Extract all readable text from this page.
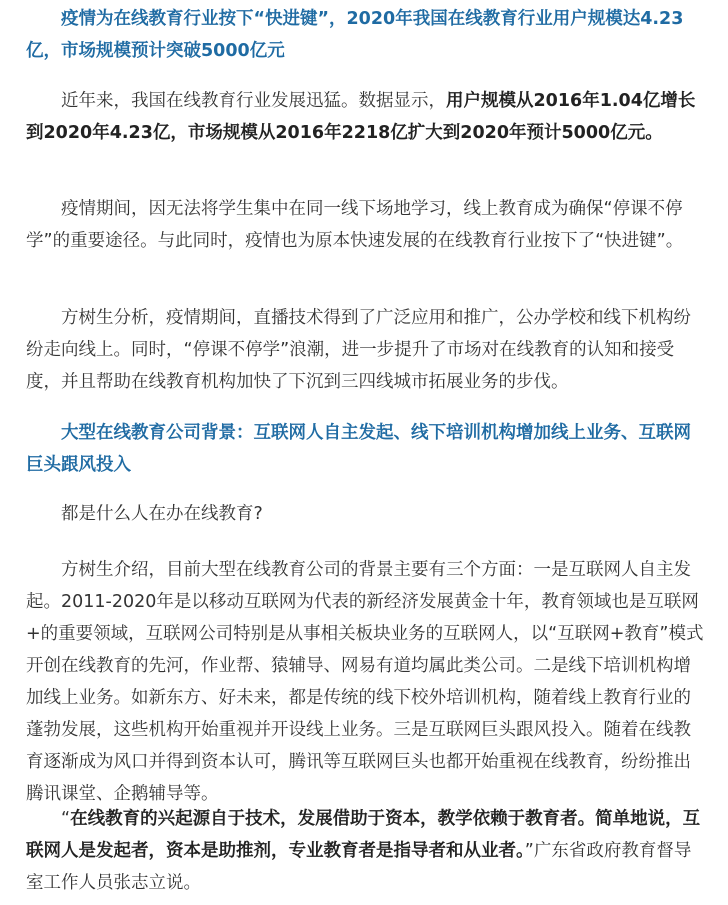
　　疫情为在线教育行业按下“快进键”，2020年我国在线教育行业用户规模达4.23亿，市场规模预计突破5000亿元

近年来，我国在线教育行业发展迅猛。数据显示，用户规模从2016年1.04亿增长到2020年4.23亿，市场规模从2016年2218亿扩大到2020年预计5000亿元。

疫情期间，因无法将学生集中在同一线下场地学习，线上教育成为确保“停课不停学”的重要途径。与此同时，疫情也为原本快速发展的在线教育行业按下了“快进键”。

方树生分析，疫情期间，直播技术得到了广泛应用和推广，公办学校和线下机构纷纷走向线上。同时，“停课不停学”浪潮，进一步提升了市场对在线教育的认知和接受度，并且帮助在线教育机构加快了下沉到三四线城市拓展业务的步伐。

　　大型在线教育公司背景：互联网人自主发起、线下培训机构增加线上业务、互联网巨头跟风投入

都是什么人在办在线教育?

方树生介绍，目前大型在线教育公司的背景主要有三个方面：一是互联网人自主发起。2011-2020年是以移动互联网为代表的新经济发展黄金十年，教育领域也是互联网+的重要领域，互联网公司特别是从事相关板块业务的互联网人，以“互联网+教育”模式开创在线教育的先河，作业帮、猿辅导、网易有道均属此类公司。二是线下培训机构增加线上业务。如新东方、好未来，都是传统的线下校外培训机构，随着线上教育行业的蓬勃发展，这些机构开始重视并开设线上业务。三是互联网巨头跟风投入。随着在线教育逐渐成为风口并得到资本认可，腾讯等互联网巨头也都开始重视在线教育，纷纷推出腾讯课堂、企鹅辅导等。

“在线教育的兴起源自于技术，发展借助于资本，教学依赖于教育者。简单地说，互联网人是发起者，资本是助推剂，专业教育者是指导者和从业者。”广东省政府教育督导室工作人员张志立说。
